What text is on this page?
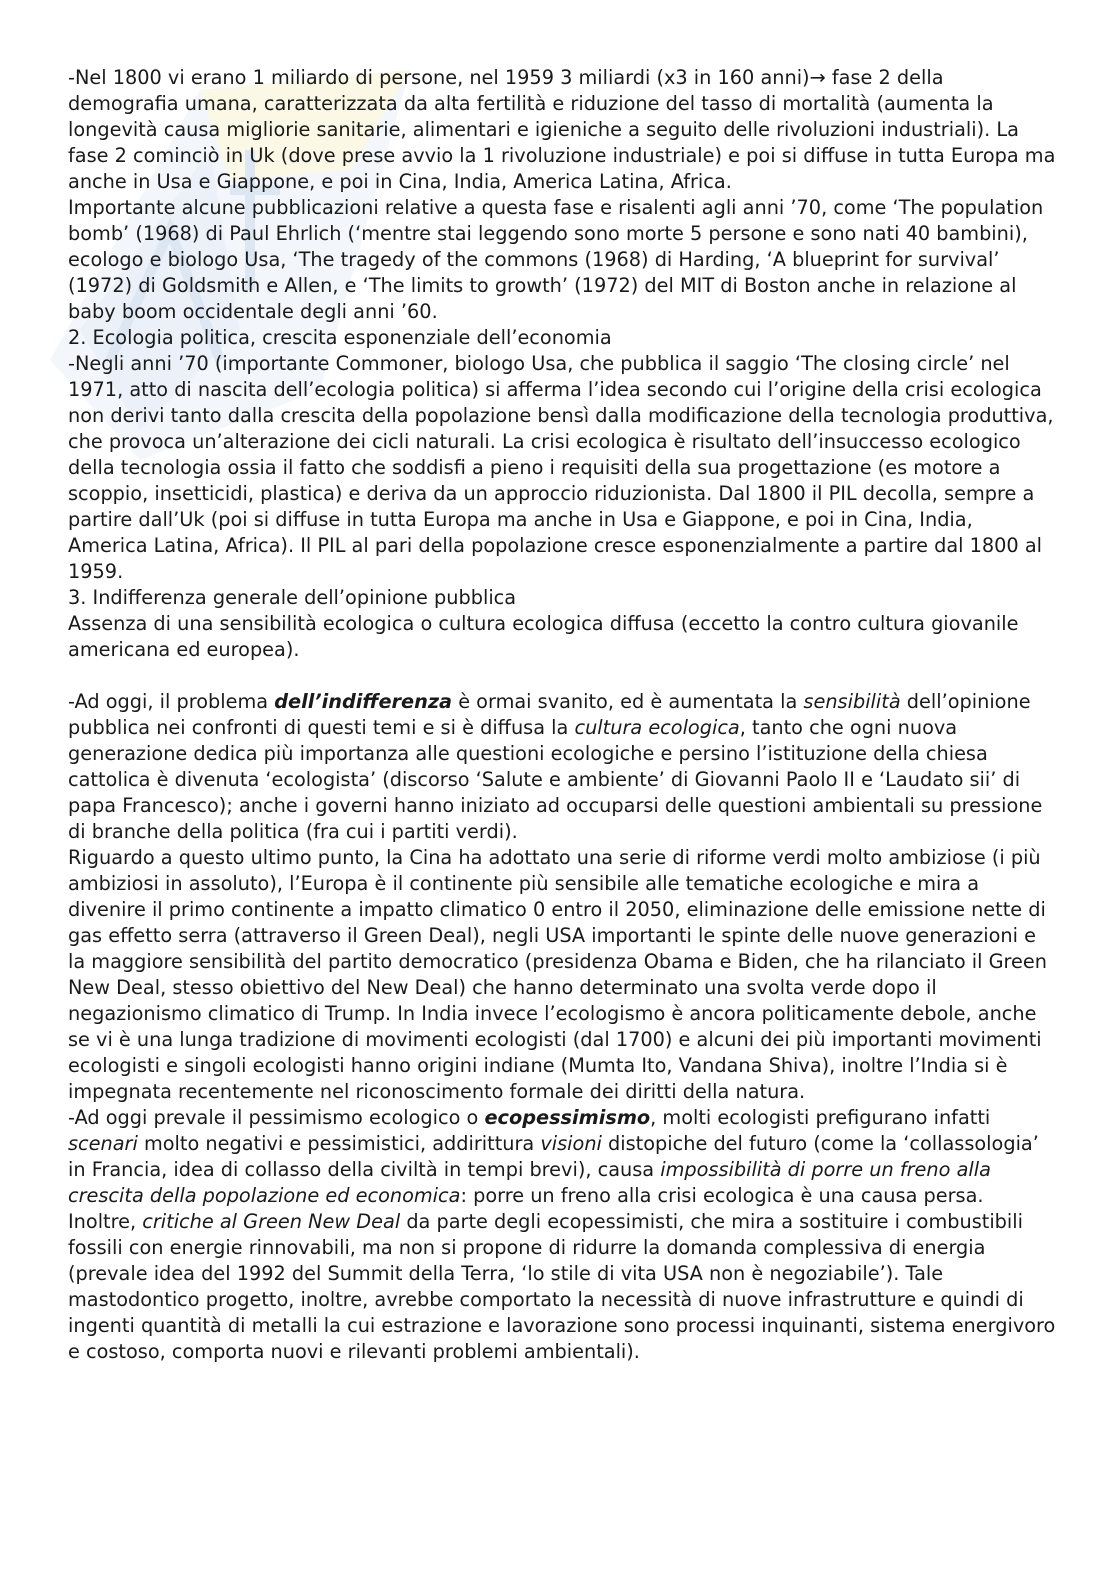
-Nel 1800 vi erano 1 miliardo di persone, nel 1959 3 miliardi (x3 in 160 anni)→ fase 2 della demografia umana, caratterizzata da alta fertilità e riduzione del tasso di mortalità (aumenta la longevità causa migliorie sanitarie, alimentari e igieniche a seguito delle rivoluzioni industriali). La fase 2 cominciò in Uk (dove prese avvio la 1 rivoluzione industriale) e poi si diffuse in tutta Europa ma anche in Usa e Giappone, e poi in Cina, India, America Latina, Africa.

Importante alcune pubblicazioni relative a questa fase e risalenti agli anni ’70, come ‘The population bomb’ (1968) di Paul Ehrlich (‘mentre stai leggendo sono morte 5 persone e sono nati 40 bambini), ecologo e biologo Usa, ‘The tragedy of the commons (1968) di Harding, ‘A blueprint for survival’ (1972) di Goldsmith e Allen, e ‘The limits to growth’ (1972) del MIT di Boston anche in relazione al baby boom occidentale degli anni ’60.

2. Ecologia politica, crescita esponenziale dell’economia

-Negli anni ’70 (importante Commoner, biologo Usa, che pubblica il saggio ‘The closing circle’ nel 1971, atto di nascita dell’ecologia politica) si afferma l’idea secondo cui l’origine della crisi ecologica non derivi tanto dalla crescita della popolazione bensì dalla modificazione della tecnologia produttiva, che provoca un’alterazione dei cicli naturali. La crisi ecologica è risultato dell’insuccesso ecologico della tecnologia ossia il fatto che soddisfi a pieno i requisiti della sua progettazione (es motore a scoppio, insetticidi, plastica) e deriva da un approccio riduzionista. Dal 1800 il PIL decolla, sempre a partire dall’Uk (poi si diffuse in tutta Europa ma anche in Usa e Giappone, e poi in Cina, India, America Latina, Africa). Il PIL al pari della popolazione cresce esponenzialmente a partire dal 1800 al 1959.

3. Indifferenza generale dell’opinione pubblica

Assenza di una sensibilità ecologica o cultura ecologica diffusa (eccetto la contro cultura giovanile americana ed europea).

-Ad oggi, il problema dell’indifferenza è ormai svanito, ed è aumentata la sensibilità dell’opinione pubblica nei confronti di questi temi e si è diffusa la cultura ecologica, tanto che ogni nuova generazione dedica più importanza alle questioni ecologiche e persino l’istituzione della chiesa cattolica è divenuta ‘ecologista’ (discorso ‘Salute e ambiente’ di Giovanni Paolo II e ‘Laudato sii’ di papa Francesco); anche i governi hanno iniziato ad occuparsi delle questioni ambientali su pressione di branche della politica (fra cui i partiti verdi).

Riguardo a questo ultimo punto, la Cina ha adottato una serie di riforme verdi molto ambiziose (i più ambiziosi in assoluto), l’Europa è il continente più sensibile alle tematiche ecologiche e mira a divenire il primo continente a impatto climatico 0 entro il 2050, eliminazione delle emissione nette di gas effetto serra (attraverso il Green Deal), negli USA importanti le spinte delle nuove generazioni e la maggiore sensibilità del partito democratico (presidenza Obama e Biden, che ha rilanciato il Green New Deal, stesso obiettivo del New Deal) che hanno determinato una svolta verde dopo il negazionismo climatico di Trump. In India invece l’ecologismo è ancora politicamente debole, anche se vi è una lunga tradizione di movimenti ecologisti (dal 1700) e alcuni dei più importanti movimenti ecologisti e singoli ecologisti hanno origini indiane (Mumta Ito, Vandana Shiva), inoltre l’India si è impegnata recentemente nel riconoscimento formale dei diritti della natura.

-Ad oggi prevale il pessimismo ecologico o ecopessimismo, molti ecologisti prefigurano infatti scenari molto negativi e pessimistici, addirittura visioni distopiche del futuro (come la ‘collassologia’ in Francia, idea di collasso della civiltà in tempi brevi), causa impossibilità di porre un freno alla crescita della popolazione ed economica: porre un freno alla crisi ecologica è una causa persa.

Inoltre, critiche al Green New Deal da parte degli ecopessimisti, che mira a sostituire i combustibili fossili con energie rinnovabili, ma non si propone di ridurre la domanda complessiva di energia (prevale idea del 1992 del Summit della Terra, ‘lo stile di vita USA non è negoziabile’). Tale mastodontico progetto, inoltre, avrebbe comportato la necessità di nuove infrastrutture e quindi di ingenti quantità di metalli la cui estrazione e lavorazione sono processi inquinanti, sistema energivoro e costoso, comporta nuovi e rilevanti problemi ambientali).
